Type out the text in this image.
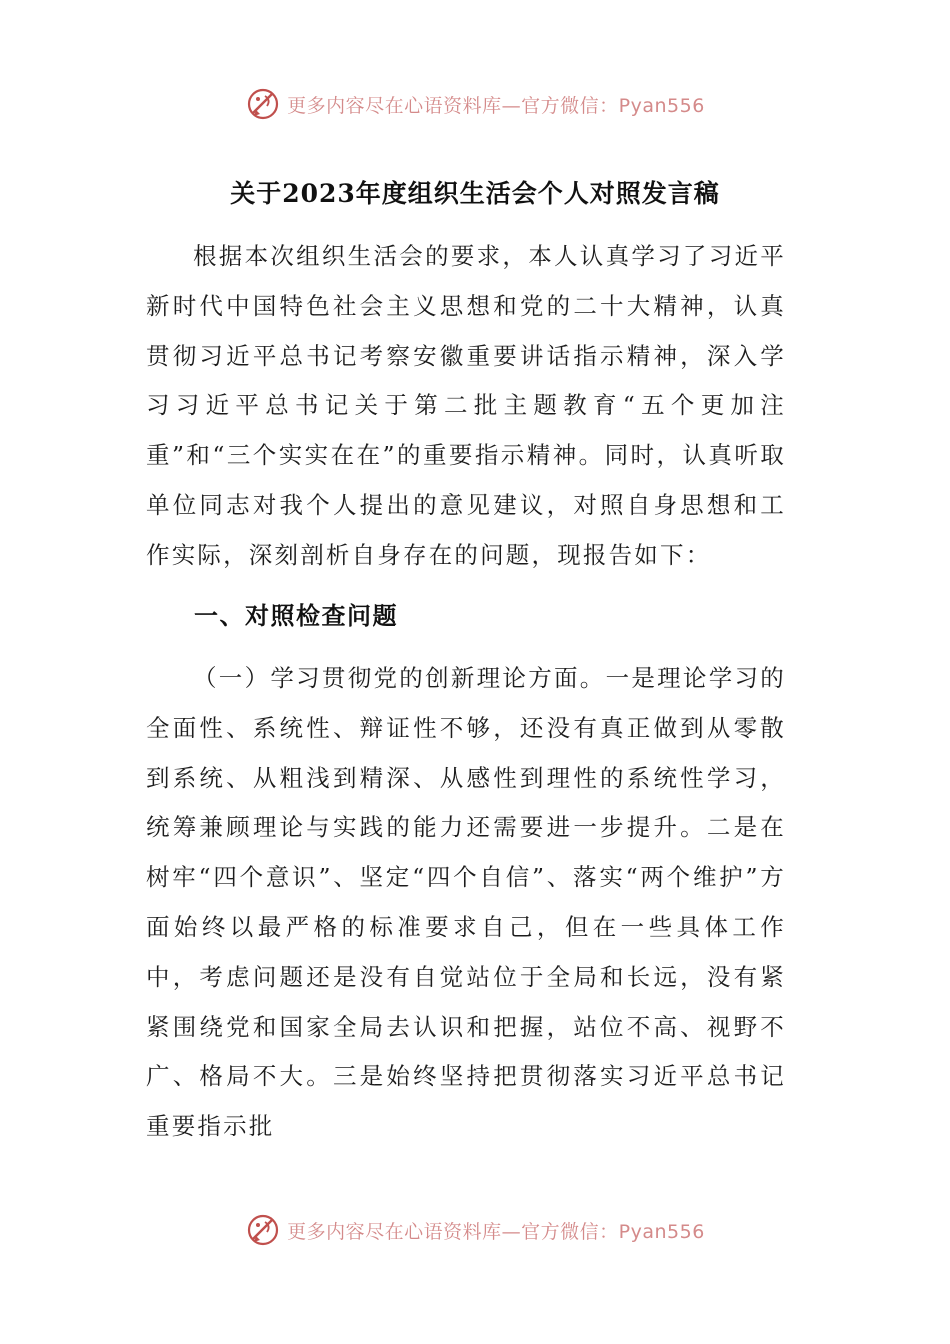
更多内容尽在心语资料库—官方微信：Pyan556
关于2023年度组织生活会个人对照发言稿

根据本次组织生活会的要求，本人认真学习了习近平新时代中国特色社会主义思想和党的二十大精神，认真贯彻习近平总书记考察安徽重要讲话指示精神，深入学习习近平总书记关于第二批主题教育“五个更加注重”和“三个实实在在”的重要指示精神。同时，认真听取单位同志对我个人提出的意见建议，对照自身思想和工作实际，深刻剖析自身存在的问题，现报告如下：

一、对照检查问题

（一）学习贯彻党的创新理论方面。一是理论学习的全面性、系统性、辩证性不够，还没有真正做到从零散到系统、从粗浅到精深、从感性到理性的系统性学习，统筹兼顾理论与实践的能力还需要进一步提升。二是在树牢“四个意识”、坚定“四个自信”、落实“两个维护”方面始终以最严格的标准要求自己，但在一些具体工作中，考虑问题还是没有自觉站位于全局和长远，没有紧紧围绕党和国家全局去认识和把握，站位不高、视野不广、格局不大。三是始终坚持把贯彻落实习近平总书记重要指示批

更多内容尽在心语资料库—官方微信：Pyan556
